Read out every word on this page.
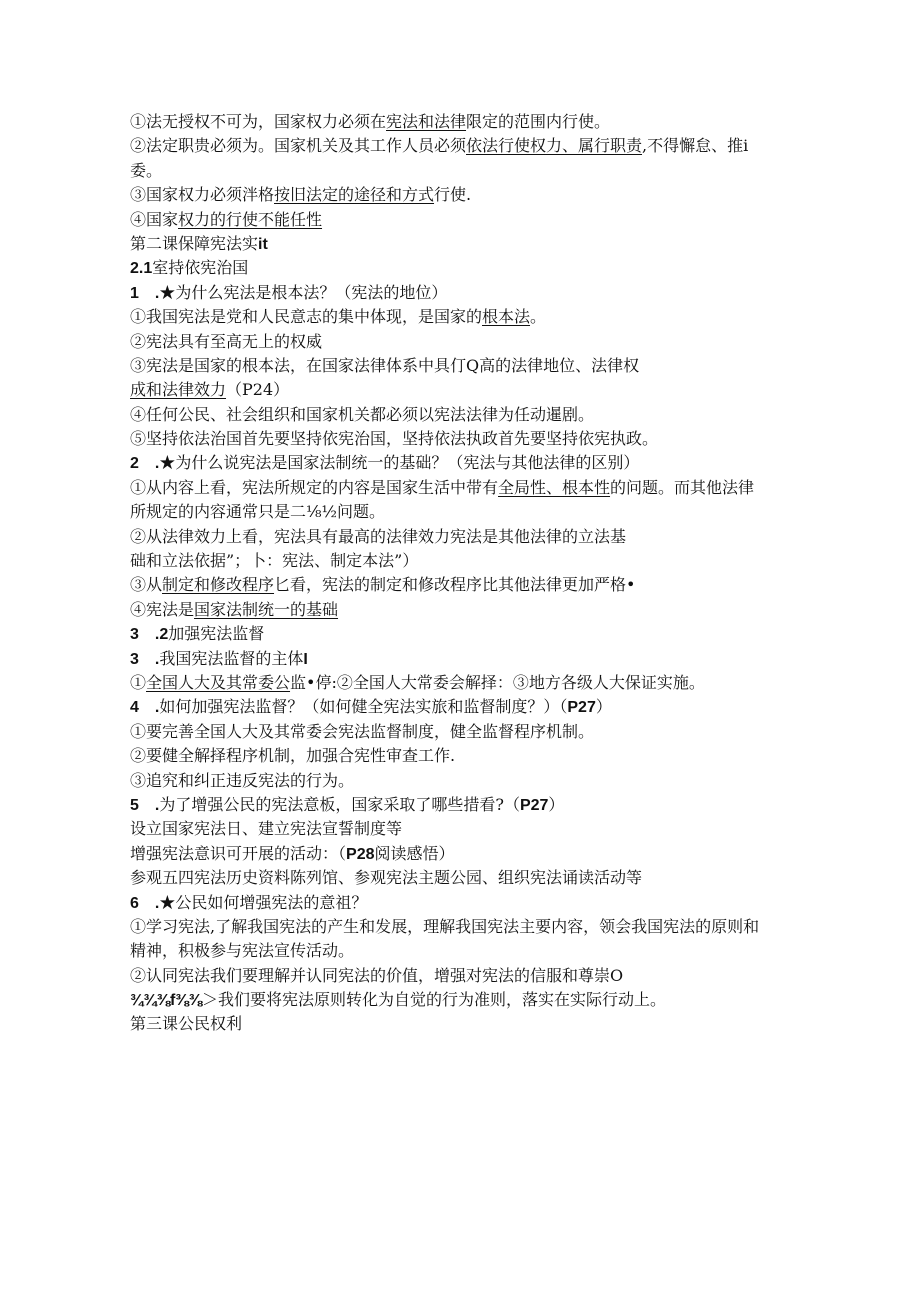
①法无授权不可为，国家权力必须在宪法和法律限定的范围内行使。
②法定职贵必须为。国家机关及其工作人员必须依法行使权力、属行职责,不得懈怠、推i
委。
③国家权力必须泮格按旧法定的途径和方式行使.
④国家权力的行使不能任性
第二课保障宪法实it
2.1室持依宪治国
1　.★为什么宪法是根本法？（宪法的地位）
①我国宪法是党和人民意志的集中体现，是国家的根本法。
②宪法具有至高无上的权威
③宪法是国家的根本法，在国家法律体系中具仃Q高的法律地位、法律权
成和法律效力（P24）
④任何公民、社会组织和国家机关都必须以宪法法律为任动暹剧。
⑤坚持依法治国首先要坚持依宪治国，坚持依法执政首先要坚持依宪执政。
2　.★为什么说宪法是国家法制统一的基础？（宪法与其他法律的区别）
①从内容上看，宪法所规定的内容是国家生活中带有全局性、根本性的问题。而其他法律
所规定的内容通常只是二⅛½问题。
②从法律效力上看，宪法具有最高的法律效力宪法是其他法律的立法基
础和立法依据”；卜：宪法、制定本法”）
③从制定和修改程序匕看，宪法的制定和修改程序比其他法律更加严格•
④宪法是国家法制统一的基础
3　.2加强宪法监督
3　.我国宪法监督的主体I
①全国人大及其常委公监•停:②全国人大常委会解择：③地方各级人大保证实施。
4　.如何加强宪法监督？（如何健全宪法实旅和监督制度？）（P27）
①要完善全国人大及其常委会宪法监督制度，健全监督程序机制。
②要健全解择程序机制，加强合宪性审查工作.
③追究和纠正违反宪法的行为。
5　.为了增强公民的宪法意板，国家采取了哪些措看?（P27）
设立国家宪法日、建立宪法宣誓制度等
增强宪法意识可开展的活动：（P28阅读感悟）
参观五四宪法历史资料陈列馆、参观宪法主题公园、组织宪法诵读活动等
6　.★公民如何增强宪法的意祖？
①学习宪法,了解我国宪法的产生和发展，理解我国宪法主要内容，领会我国宪法的原则和
精神，积极参与宪法宣传活动。
②认同宪法我们要理解并认同宪法的价值，增强对宪法的信服和尊崇O
¾¾⅜f⅜⅜＞我们要将宪法原则转化为自觉的行为准则，落实在实际行动上。
第三课公民权利
